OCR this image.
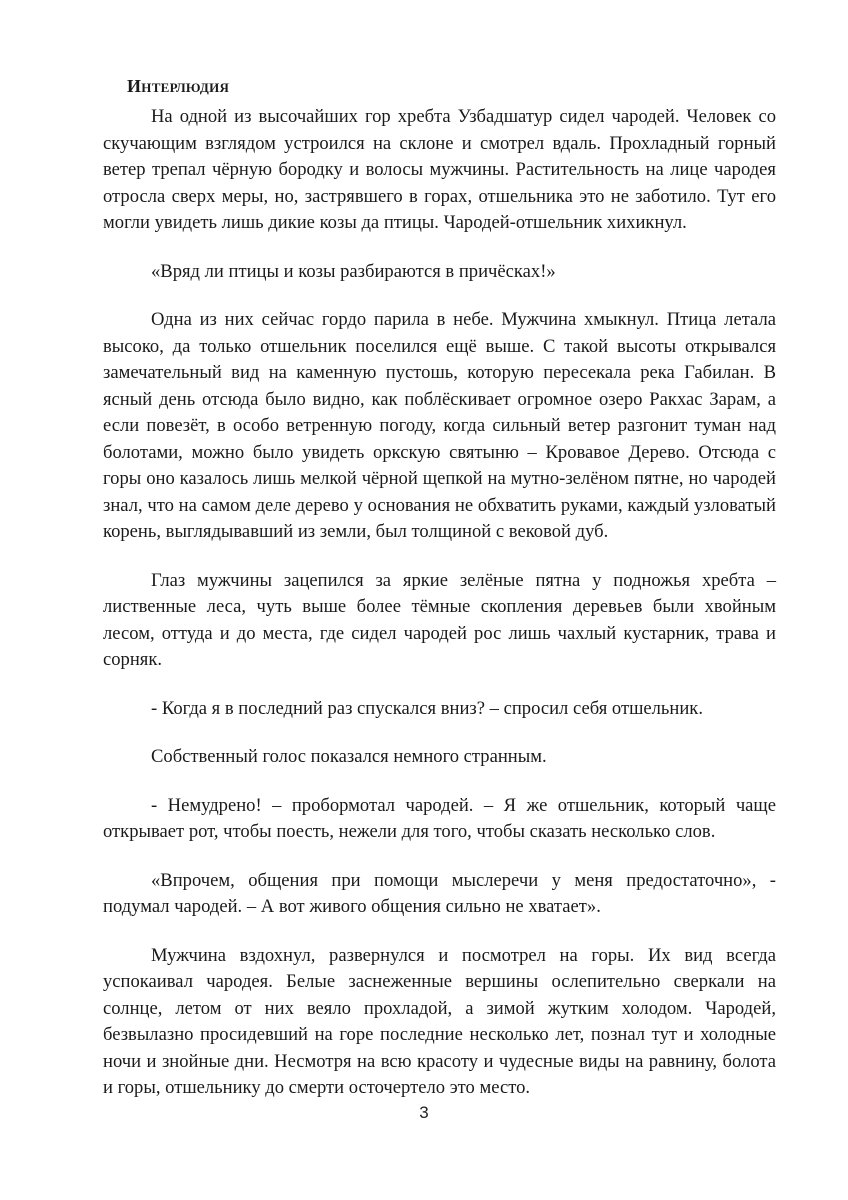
Интерлюдия

На одной из высочайших гор хребта Узбадшатур сидел чародей. Человек со скучающим взглядом устроился на склоне и смотрел вдаль. Прохладный горный ветер трепал чёрную бородку и волосы мужчины. Растительность на лице чародея отросла сверх меры, но, застрявшего в горах, отшельника это не заботило. Тут его могли увидеть лишь дикие козы да птицы. Чародей-отшельник хихикнул.

«Вряд ли птицы и козы разбираются в причёсках!»

Одна из них сейчас гордо парила в небе. Мужчина хмыкнул. Птица летала высоко, да только отшельник поселился ещё выше. С такой высоты открывался замечательный вид на каменную пустошь, которую пересекала река Габилан. В ясный день отсюда было видно, как поблёскивает огромное озеро Ракхас Зарам, а если повезёт, в особо ветренную погоду, когда сильный ветер разгонит туман над болотами, можно было увидеть оркскую святыню – Кровавое Дерево. Отсюда с горы оно казалось лишь мелкой чёрной щепкой на мутно-зелёном пятне, но чародей знал, что на самом деле дерево у основания не обхватить руками, каждый узловатый корень, выглядывавший из земли, был толщиной с вековой дуб.

Глаз мужчины зацепился за яркие зелёные пятна у подножья хребта – лиственные леса, чуть выше более тёмные скопления деревьев были хвойным лесом, оттуда и до места, где сидел чародей рос лишь чахлый кустарник, трава и сорняк.

- Когда я в последний раз спускался вниз? – спросил себя отшельник.

Собственный голос показался немного странным.

- Немудрено! – пробормотал чародей. – Я же отшельник, который чаще открывает рот, чтобы поесть, нежели для того, чтобы сказать несколько слов.

«Впрочем, общения при помощи мыслеречи у меня предостаточно», - подумал чародей. – А вот живого общения сильно не хватает».

Мужчина вздохнул, развернулся и посмотрел на горы. Их вид всегда успокаивал чародея. Белые заснеженные вершины ослепительно сверкали на солнце, летом от них веяло прохладой, а зимой жутким холодом. Чародей, безвылазно просидевший на горе последние несколько лет, познал тут и холодные ночи и знойные дни. Несмотря на всю красоту и чудесные виды на равнину, болота и горы, отшельнику до смерти осточертело это место.

3
